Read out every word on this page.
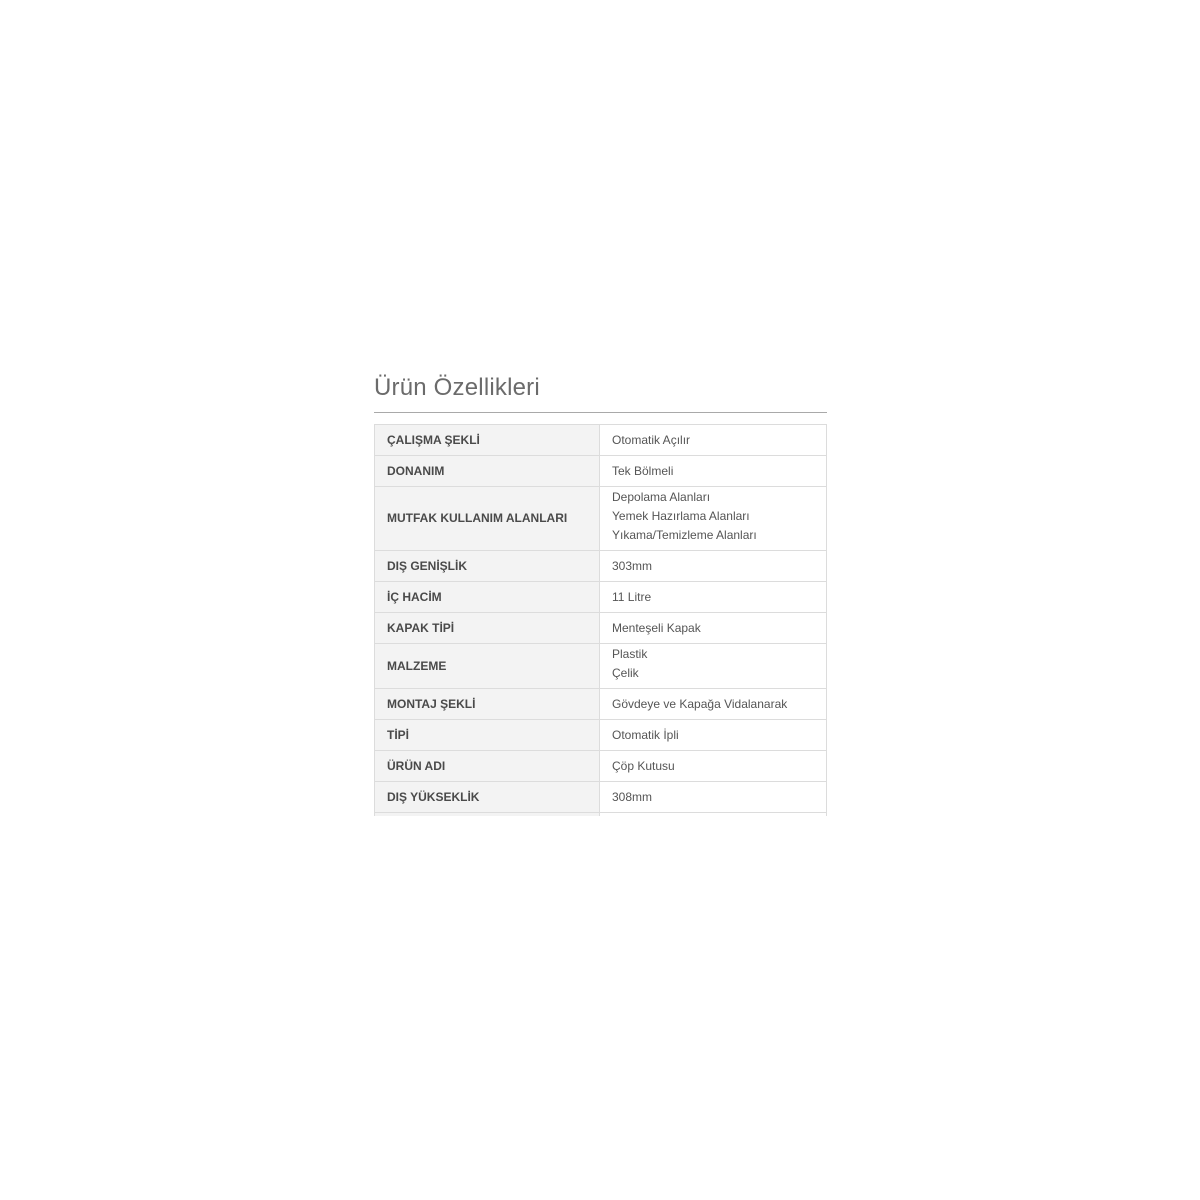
Ürün Özellikleri
ÇALIŞMA ŞEKLİ	Otomatik Açılır

DONANIM	Tek Bölmeli

MUTFAK KULLANIM ALANLARI	Depolama Alanları
Yemek Hazırlama Alanları
Yıkama/Temizleme Alanları

DIŞ GENİŞLİK	303mm

İÇ HACİM	11 Litre

KAPAK TİPİ	Menteşeli Kapak

MALZEME	Plastik
Çelik

MONTAJ ŞEKLİ	Gövdeye ve Kapağa Vidalanarak

TİPİ	Otomatik İpli

ÜRÜN ADI	Çöp Kutusu

DIŞ YÜKSEKLİK	308mm
